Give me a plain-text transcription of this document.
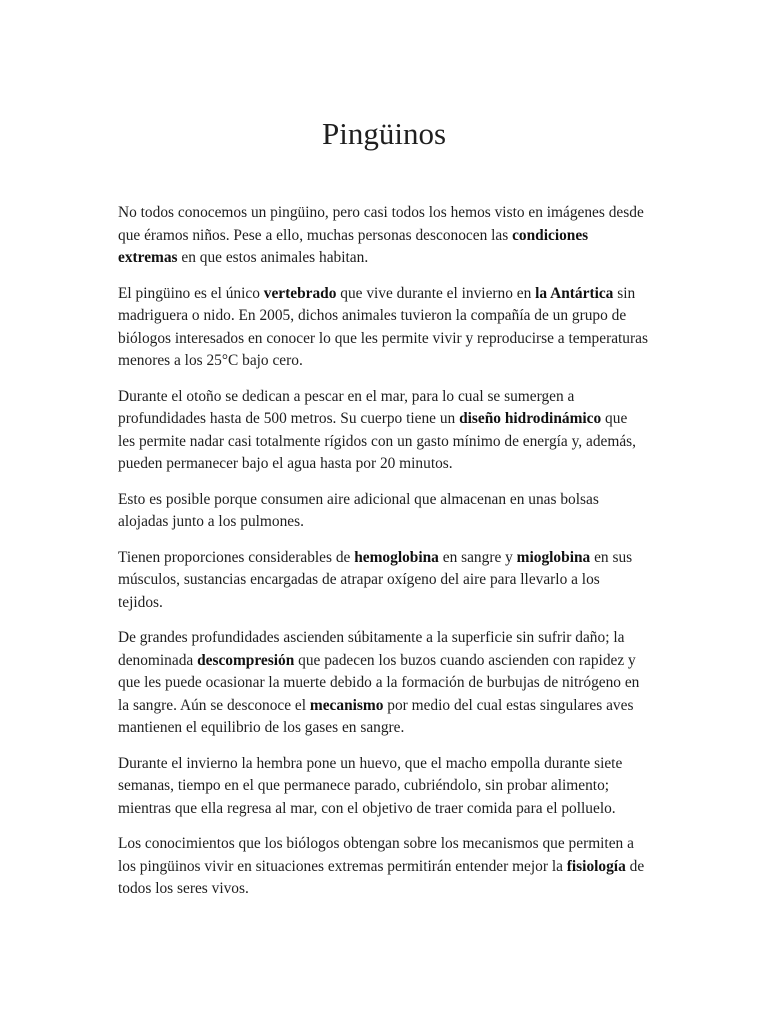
Pingüinos

No todos conocemos un pingüino, pero casi todos los hemos visto en imágenes desde que éramos niños. Pese a ello, muchas personas desconocen las condiciones extremas en que estos animales habitan.

El pingüino es el único vertebrado que vive durante el invierno en la Antártica sin madriguera o nido. En 2005, dichos animales tuvieron la compañía de un grupo de biólogos interesados en conocer lo que les permite vivir y reproducirse a temperaturas menores a los 25°C bajo cero.

Durante el otoño se dedican a pescar en el mar, para lo cual se sumergen a profundidades hasta de 500 metros. Su cuerpo tiene un diseño hidrodinámico que les permite nadar casi totalmente rígidos con un gasto mínimo de energía y, además, pueden permanecer bajo el agua hasta por 20 minutos.

Esto es posible porque consumen aire adicional que almacenan en unas bolsas alojadas junto a los pulmones.

Tienen proporciones considerables de hemoglobina en sangre y mioglobina en sus músculos, sustancias encargadas de atrapar oxígeno del aire para llevarlo a los tejidos.

De grandes profundidades ascienden súbitamente a la superficie sin sufrir daño; la denominada descompresión que padecen los buzos cuando ascienden con rapidez y que les puede ocasionar la muerte debido a la formación de burbujas de nitrógeno en la sangre. Aún se desconoce el mecanismo por medio del cual estas singulares aves mantienen el equilibrio de los gases en sangre.

Durante el invierno la hembra pone un huevo, que el macho empolla durante siete semanas, tiempo en el que permanece parado, cubriéndolo, sin probar alimento; mientras que ella regresa al mar, con el objetivo de traer comida para el polluelo.

Los conocimientos que los biólogos obtengan sobre los mecanismos que permiten a los pingüinos vivir en situaciones extremas permitirán entender mejor la fisiología de todos los seres vivos.
